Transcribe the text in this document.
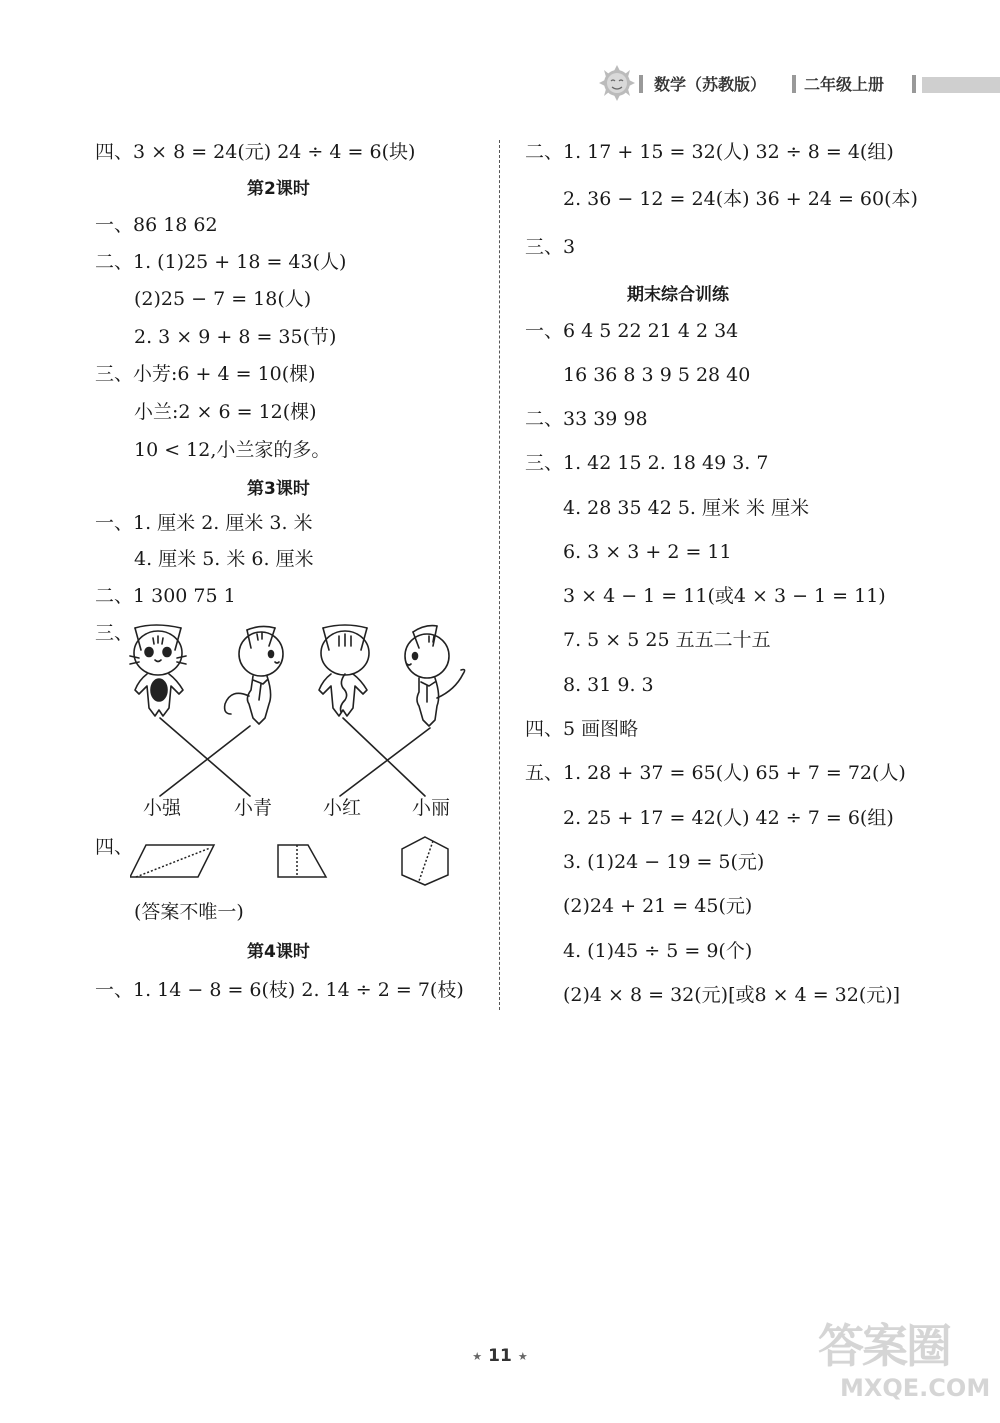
数学（苏教版） 二年级上册
四、3 × 8 = 24(元) 24 ÷ 4 = 6(块)
第2课时
一、86 18 62
二、1. (1)25 + 18 = 43(人)
(2)25 − 7 = 18(人)
2. 3 × 9 + 8 = 35(节)
三、小芳:6 + 4 = 10(棵)
小兰:2 × 6 = 12(棵)
10 < 12,小兰家的多。
第3课时
一、1. 厘米 2. 厘米 3. 米
4. 厘米 5. 米 6. 厘米
二、1 300 75 1
三、
小强	小青	小红	小丽
四、
(答案不唯一)
第4课时
一、1. 14 − 8 = 6(枝) 2. 14 ÷ 2 = 7(枝)
二、1. 17 + 15 = 32(人) 32 ÷ 8 = 4(组)
2. 36 − 12 = 24(本) 36 + 24 = 60(本)
三、3
期末综合训练
一、6 4 5 22 21 4 2 34
16 36 8 3 9 5 28 40
二、33 39 98
三、1. 42 15 2. 18 49 3. 7
4. 28 35 42 5. 厘米 米 厘米
6. 3 × 3 + 2 = 11
3 × 4 − 1 = 11(或4 × 3 − 1 = 11)
7. 5 × 5 25 五五二十五
8. 31 9. 3
四、5 画图略
五、1. 28 + 37 = 65(人) 65 + 7 = 72(人)
2. 25 + 17 = 42(人) 42 ÷ 7 = 6(组)
3. (1)24 − 19 = 5(元)
(2)24 + 21 = 45(元)
4. (1)45 ÷ 5 = 9(个)
(2)4 × 8 = 32(元)[或8 × 4 = 32(元)]
★ 11 ★	答案圈
MXQE.COM
